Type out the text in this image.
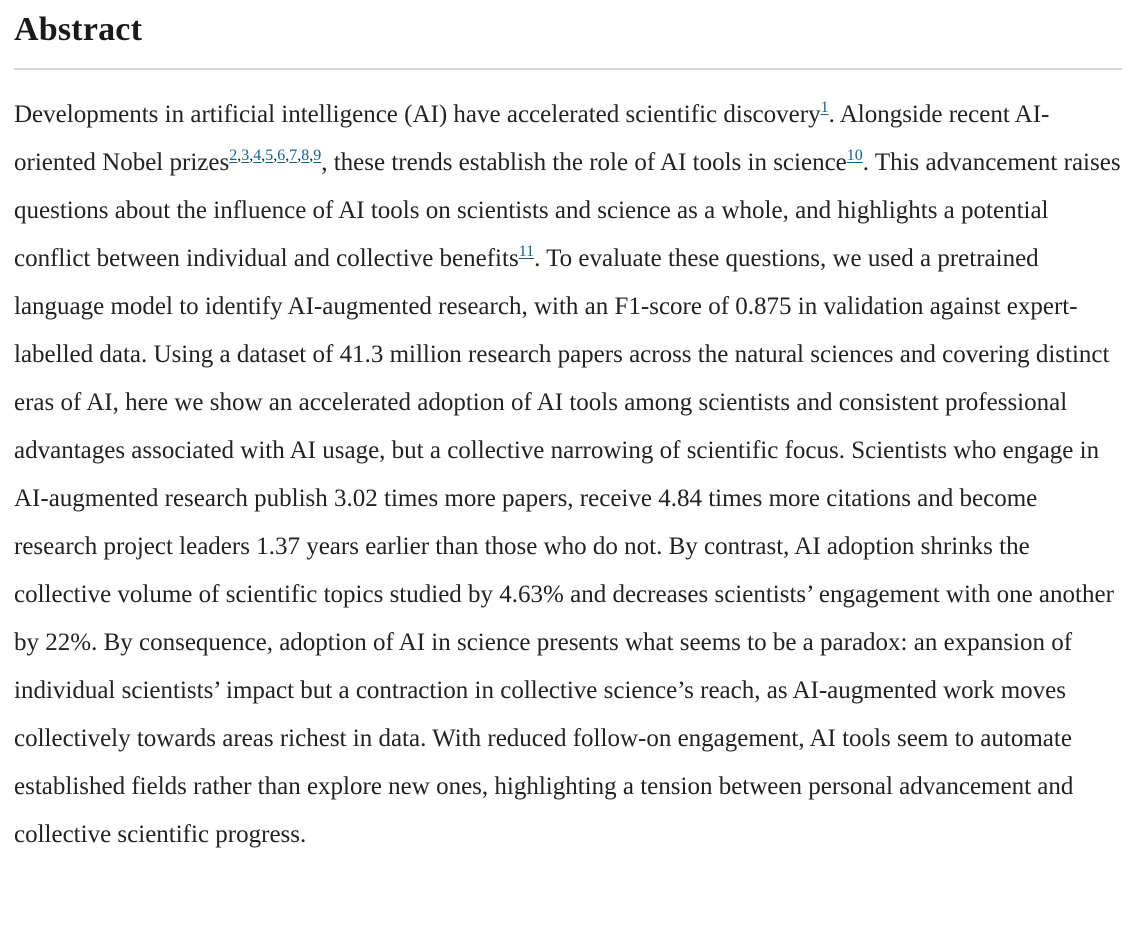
Abstract

Developments in artificial intelligence (AI) have accelerated scientific discovery$^1$. Alongside recent AI-oriented Nobel prizes$^{2,3,4,5,6,7,8,9}$, these trends establish the role of AI tools in science$^{10}$. This advancement raises questions about the influence of AI tools on scientists and science as a whole, and highlights a potential conflict between individual and collective benefits$^{11}$. To evaluate these questions, we used a pretrained language model to identify AI-augmented research, with an F1-score of 0.875 in validation against expert-labelled data. Using a dataset of 41.3 million research papers across the natural sciences and covering distinct eras of AI, here we show an accelerated adoption of AI tools among scientists and consistent professional advantages associated with AI usage, but a collective narrowing of scientific focus. Scientists who engage in AI-augmented research publish 3.02 times more papers, receive 4.84 times more citations and become research project leaders 1.37 years earlier than those who do not. By contrast, AI adoption shrinks the collective volume of scientific topics studied by 4.63% and decreases scientists’ engagement with one another by 22%. By consequence, adoption of AI in science presents what seems to be a paradox: an expansion of individual scientists’ impact but a contraction in collective science’s reach, as AI-augmented work moves collectively towards areas richest in data. With reduced follow-on engagement, AI tools seem to automate established fields rather than explore new ones, highlighting a tension between personal advancement and collective scientific progress.
